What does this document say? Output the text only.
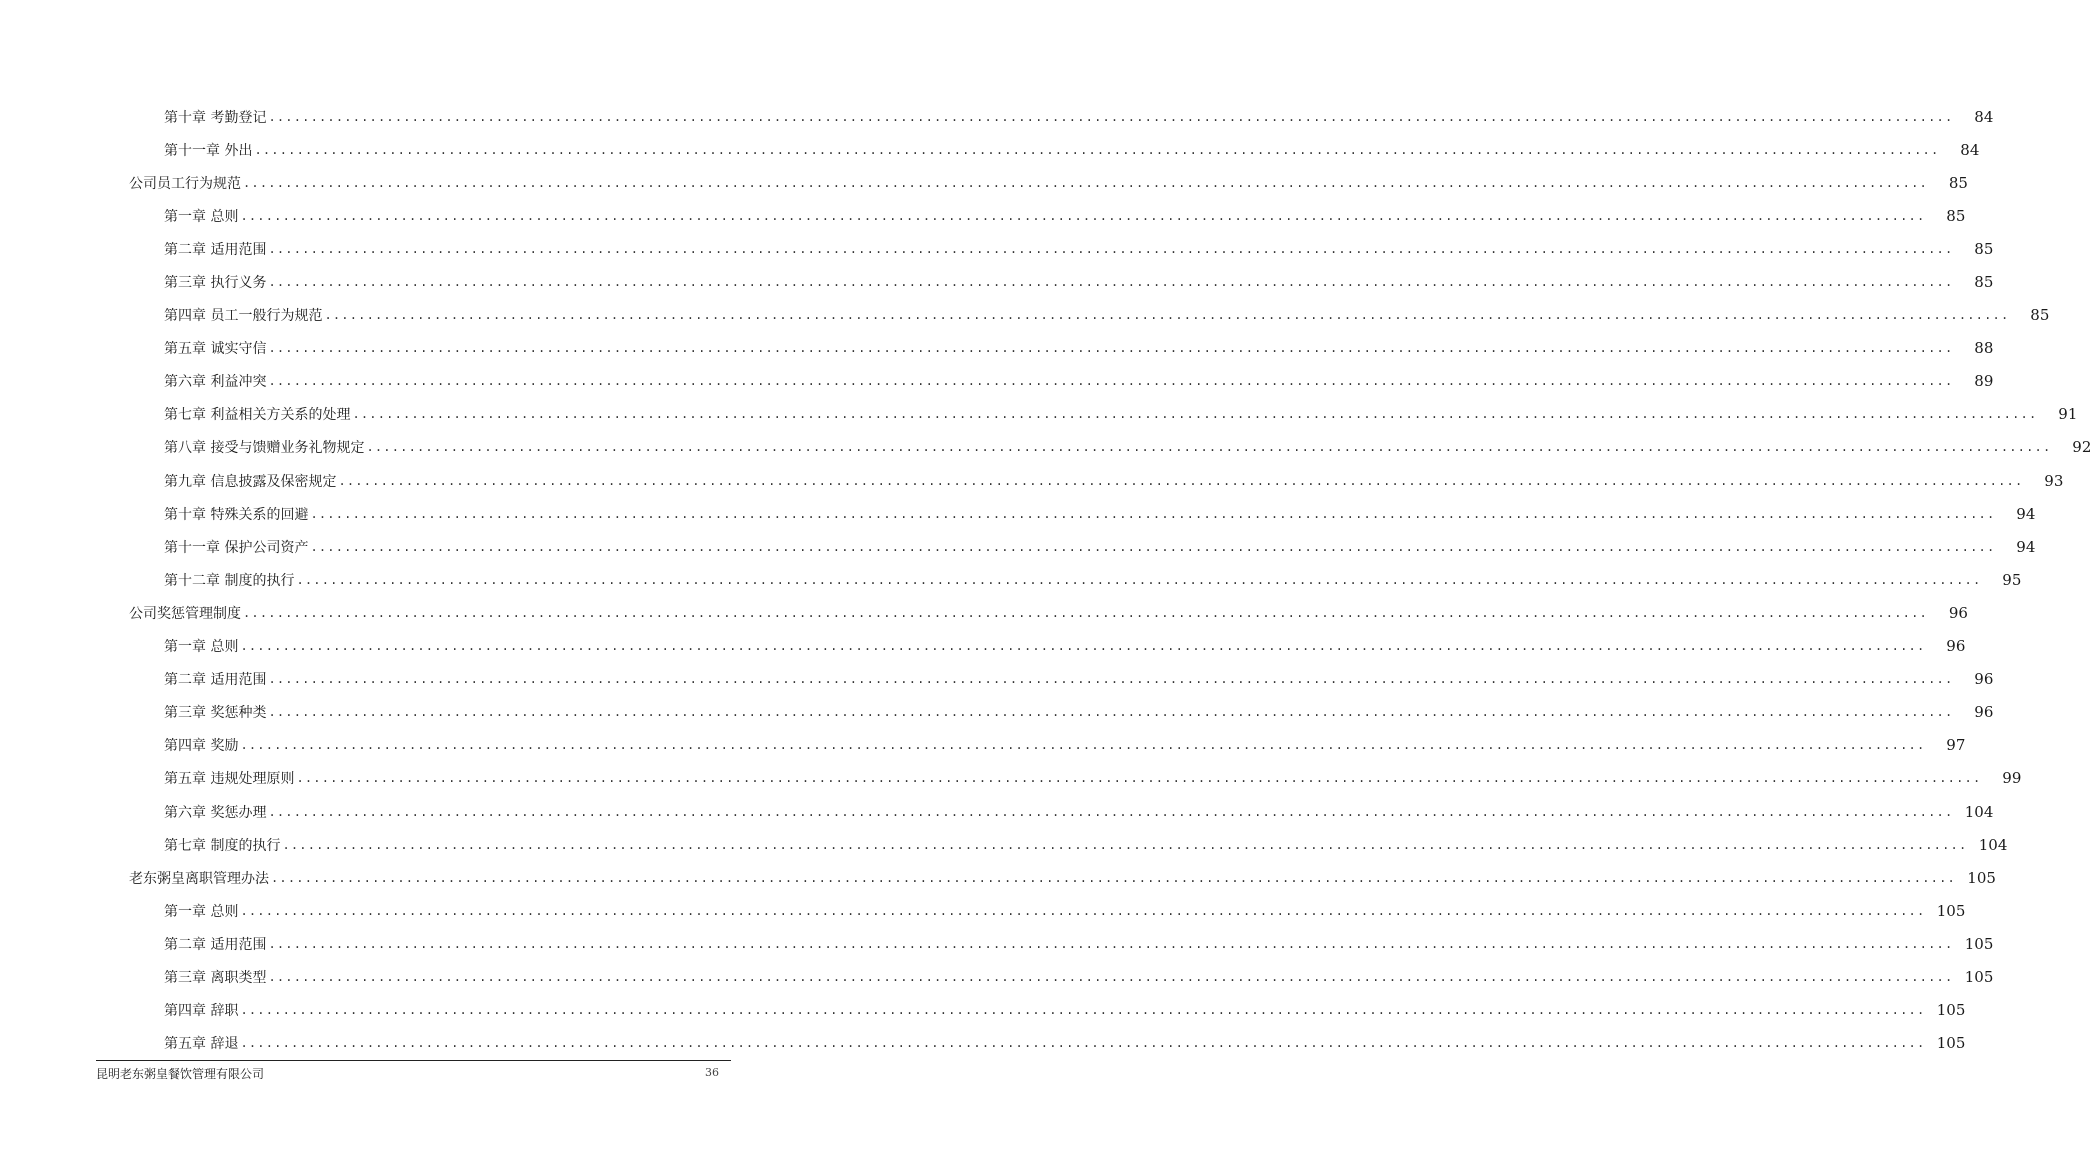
第十章 考勤登记 ........................................................................................................................................................................................................	84
第十一章 外出 ........................................................................................................................................................................................................	84
公司员工行为规范 ........................................................................................................................................................................................................	85
第一章 总则 ........................................................................................................................................................................................................	85
第二章 适用范围 ........................................................................................................................................................................................................	85
第三章 执行义务 ........................................................................................................................................................................................................	85
第四章 员工一般行为规范 ........................................................................................................................................................................................................	85
第五章 诚实守信 ........................................................................................................................................................................................................	88
第六章 利益冲突 ........................................................................................................................................................................................................	89
第七章 利益相关方关系的处理 ........................................................................................................................................................................................................	91
第八章 接受与馈赠业务礼物规定 ........................................................................................................................................................................................................	92
第九章 信息披露及保密规定 ........................................................................................................................................................................................................	93
第十章 特殊关系的回避 ........................................................................................................................................................................................................	94
第十一章 保护公司资产 ........................................................................................................................................................................................................	94
第十二章 制度的执行 ........................................................................................................................................................................................................	95
公司奖惩管理制度 ........................................................................................................................................................................................................	96
第一章 总则 ........................................................................................................................................................................................................	96
第二章 适用范围 ........................................................................................................................................................................................................	96
第三章 奖惩种类 ........................................................................................................................................................................................................	96
第四章 奖励 ........................................................................................................................................................................................................	97
第五章 违规处理原则 ........................................................................................................................................................................................................	99
第六章 奖惩办理 ........................................................................................................................................................................................................ 104
第七章 制度的执行 ........................................................................................................................................................................................................ 104
老东粥皇离职管理办法 ........................................................................................................................................................................................................ 105
第一章 总则 ........................................................................................................................................................................................................ 105
第二章 适用范围 ........................................................................................................................................................................................................ 105
第三章 离职类型 ........................................................................................................................................................................................................ 105
第四章 辞职 ........................................................................................................................................................................................................ 105
第五章 辞退 ........................................................................................................................................................................................................ 105
昆明老东粥皇餐饮管理有限公司	36
